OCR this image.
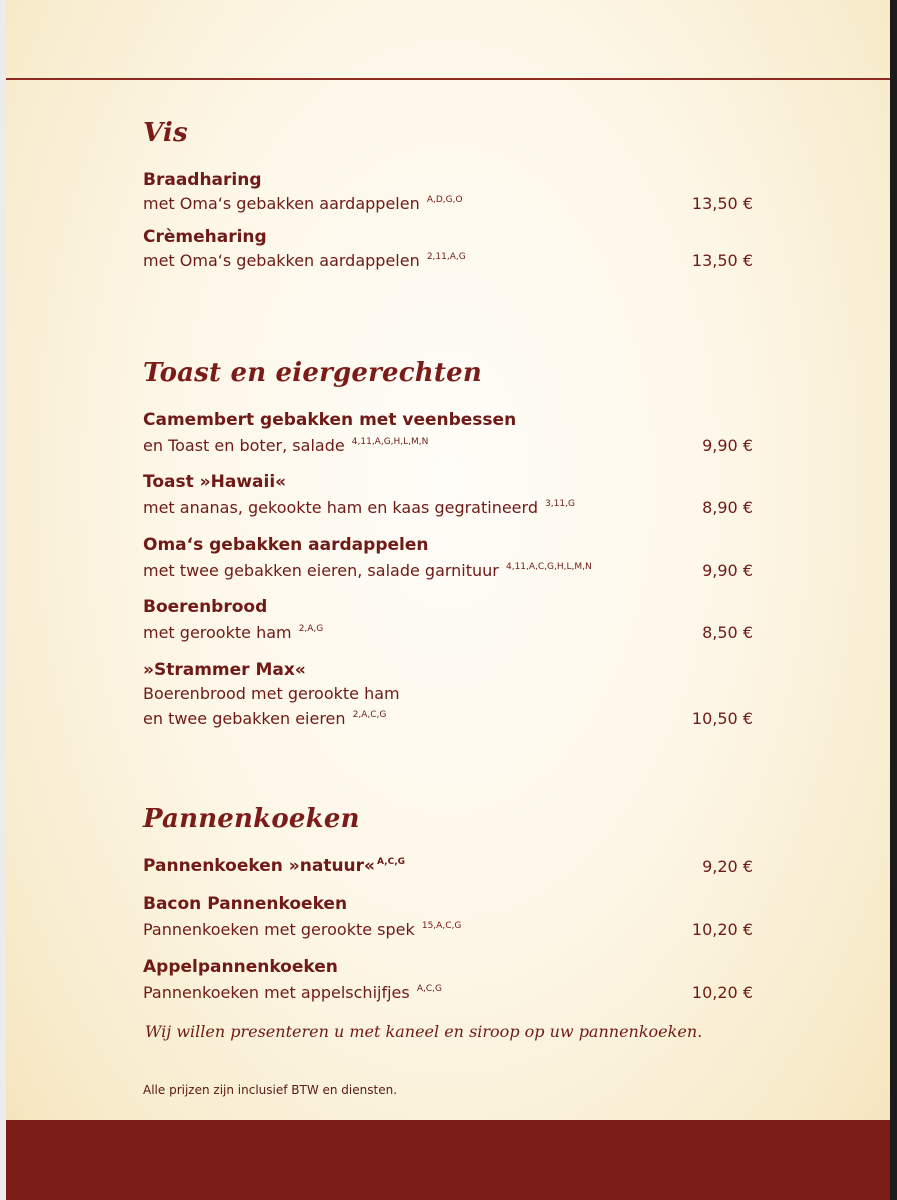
Vis
Braadharing
met Oma‘s gebakken aardappelen $^{A,D,G,O}$	13,50 €
Crèmeharing
met Oma‘s gebakken aardappelen $^{2,11,A,G}$	13,50 €
Toast en eiergerechten
Camembert gebakken met veenbessen
en Toast en boter, salade $^{4,11,A,G,H,L,M,N}$	9,90 €
Toast »Hawaii«
met ananas, gekookte ham en kaas gegratineerd $^{3,11,G}$	8,90 €
Oma‘s gebakken aardappelen
met twee gebakken eieren, salade garnituur $^{4,11,A,C,G,H,L,M,N}$	9,90 €
Boerenbrood
met gerookte ham $^{2,A,G}$	8,50 €
»Strammer Max«
Boerenbrood met gerookte ham
en twee gebakken eieren $^{2,A,C,G}$	10,50 €
Pannenkoeken
Pannenkoeken »natuur« $^{A,C,G}$	9,20 €
Bacon Pannenkoeken
Pannenkoeken met gerookte spek $^{15,A,C,G}$	10,20 €
Appelpannenkoeken
Pannenkoeken met appelschijfjes $^{A,C,G}$	10,20 €
Wij willen presenteren u met kaneel en siroop op uw pannenkoeken.
Alle prijzen zijn inclusief BTW en diensten.
